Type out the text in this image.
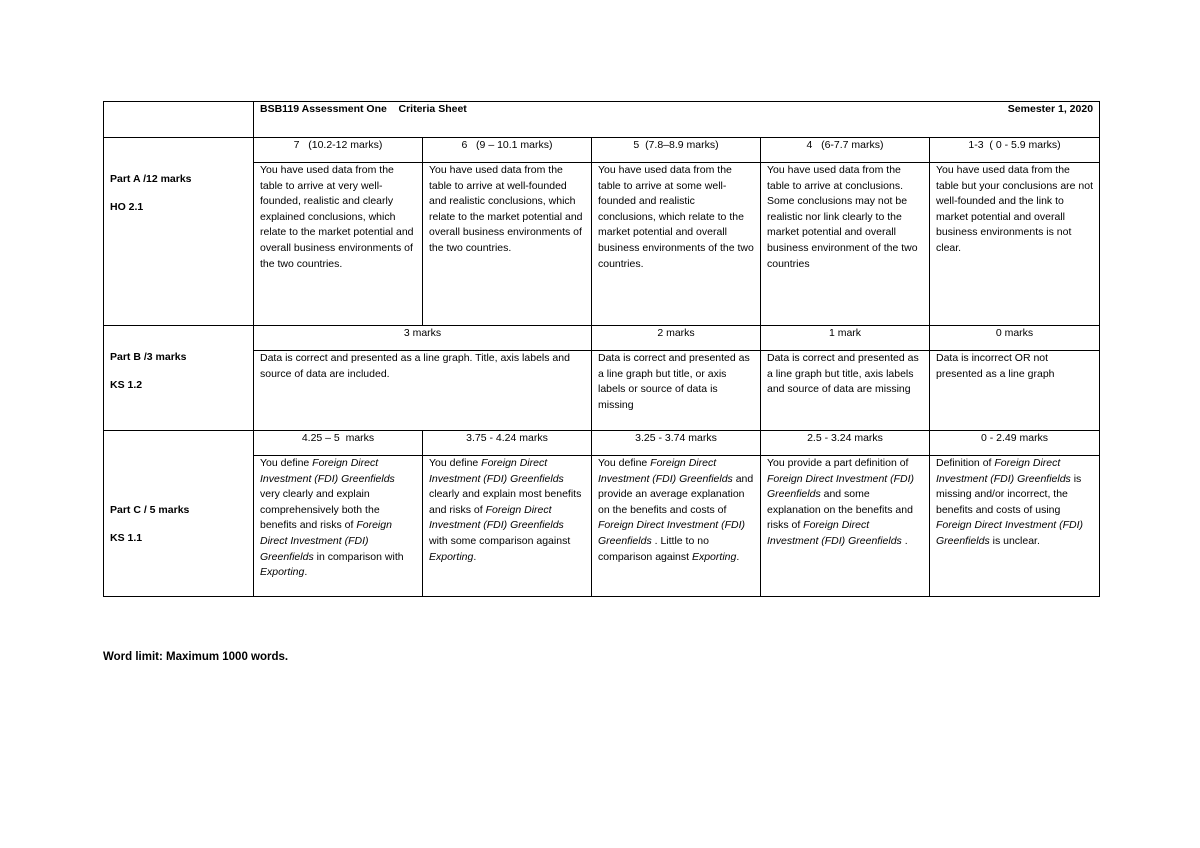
	BSB119 Assessment One    Criteria Sheet Semester 1, 2020				

Part A /12 marks
HO 2.1	7   (10.2-12 marks)	6   (9 – 10.1 marks)	5  (7.8–8.9 marks)	4   (6-7.7 marks)	1-3  ( 0 - 5.9 marks)
	You have used data from the table to arrive at very well-founded, realistic and clearly explained conclusions, which relate to the market potential and overall business environments of the two countries.	You have used data from the table to arrive at well-founded and realistic conclusions, which relate to the market potential and overall business environments of the two countries.	You have used data from the table to arrive at some well-founded and realistic conclusions, which relate to the market potential and overall business environments of the two countries.	You have used data from the table to arrive at conclusions. Some conclusions may not be realistic nor link clearly to the market potential and overall business environment of the two countries	You have used data from the table but your conclusions are not well-founded and the link to market potential and overall business environments is not clear.

Part B /3 marks
KS 1.2	3 marks		2 marks	1 mark	0 marks
	Data is correct and presented as a line graph. Title, axis labels and source of data are included.		Data is correct and presented as a line graph but title, or axis labels or source of data is missing	Data is correct and presented as a line graph but title, axis labels and source of data are missing	Data is incorrect OR not presented as a line graph

Part C / 5 marks
KS 1.1	4.25 – 5  marks	3.75 - 4.24 marks	3.25 - 3.74 marks	2.5 - 3.24 marks	0 - 2.49 marks
	You define Foreign Direct Investment (FDI) Greenfields very clearly and explain comprehensively both the benefits and risks of Foreign Direct Investment (FDI) Greenfields in comparison with Exporting.	You define Foreign Direct Investment (FDI) Greenfields clearly and explain most benefits and risks of Foreign Direct Investment (FDI) Greenfields with some comparison against Exporting.	You define Foreign Direct Investment (FDI) Greenfields and provide an average explanation on the benefits and costs of Foreign Direct Investment (FDI) Greenfields . Little to no comparison against Exporting.	You provide a part definition of Foreign Direct Investment (FDI) Greenfields and some explanation on the benefits and risks of Foreign Direct Investment (FDI) Greenfields .	Definition of Foreign Direct Investment (FDI) Greenfields is missing and/or incorrect, the benefits and costs of using Foreign Direct Investment (FDI) Greenfields is unclear.
Word limit: Maximum 1000 words.
